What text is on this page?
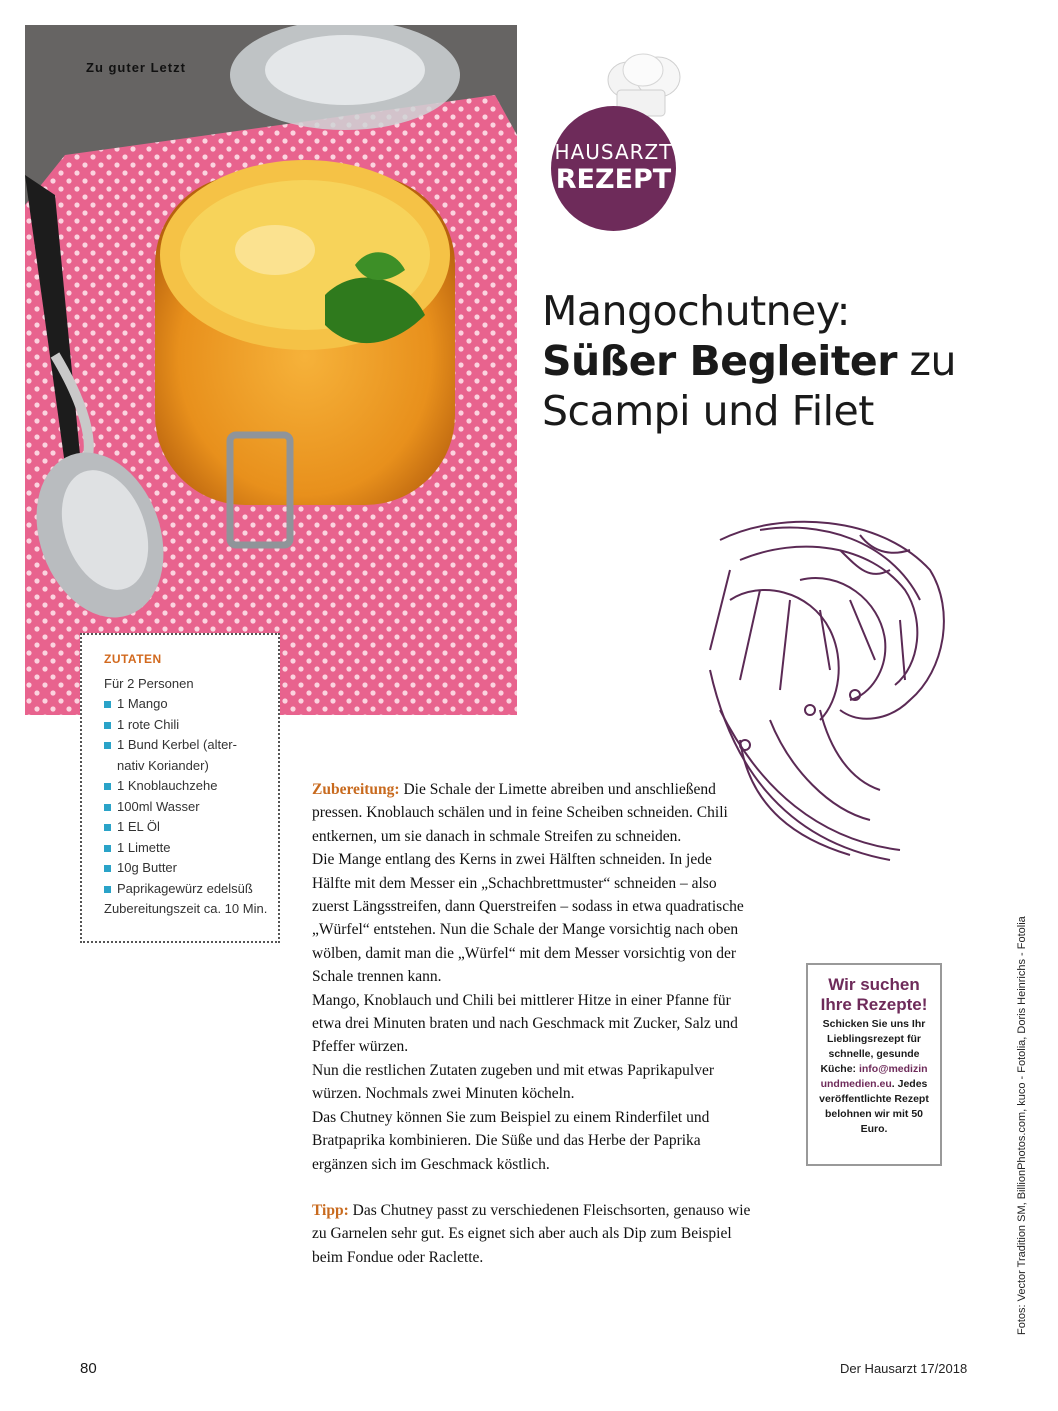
Zu guter Letzt
HAUSARZT
REZEPT
Mangochutney:
Süßer Begleiter zu
Scampi und Filet
ZUTATEN
Für 2 Personen
1 Mango
1 rote Chili
1 Bund Kerbel (alter-nativ Koriander)
1 Knoblauchzehe
100ml Wasser
1 EL Öl
1 Limette
10g Butter
Paprikagewürz edelsüß
Zubereitungszeit ca. 10 Min.

Zubereitung: Die Schale der Limette abreiben und anschließend pressen. Knoblauch schälen und in feine Scheiben schneiden. Chili entkernen, um sie danach in schmale Streifen zu schneiden.

Die Mange entlang des Kerns in zwei Hälften schneiden. In jede Hälfte mit dem Messer ein „Schachbrettmuster“ schneiden – also zuerst Längsstreifen, dann Querstreifen – sodass in etwa quadratische „Würfel“ entstehen. Nun die Schale der Mange vorsichtig nach oben wölben, damit man die „Würfel“ mit dem Messer vorsichtig von der Schale trennen kann.

Mango, Knoblauch und Chili bei mittlerer Hitze in einer Pfanne für etwa drei Minuten braten und nach Geschmack mit Zucker, Salz und Pfeffer würzen.

Nun die restlichen Zutaten zugeben und mit etwas Paprikapulver würzen. Nochmals zwei Minuten köcheln.

Das Chutney können Sie zum Beispiel zu einem Rinderfilet und Bratpaprika kombinieren. Die Süße und das Herbe der Paprika ergänzen sich im Geschmack köstlich.

Tipp: Das Chutney passt zu verschiedenen Fleischsorten, genauso wie zu Garnelen sehr gut. Es eignet sich aber auch als Dip zum Beispiel beim Fondue oder Raclette.

Wir suchen
Ihre Rezepte!
Schicken Sie uns Ihr Lieblingsrezept für schnelle, gesunde Küche: info@medizin undmedien.eu. Jedes veröffentlichte Rezept belohnen wir mit 50 Euro.	Fotos: Vector Tradition SM, BillionPhotos.com, kuco - Fotolia, Doris Heinrichs - Fotolia
80	Der Hausarzt 17/2018
